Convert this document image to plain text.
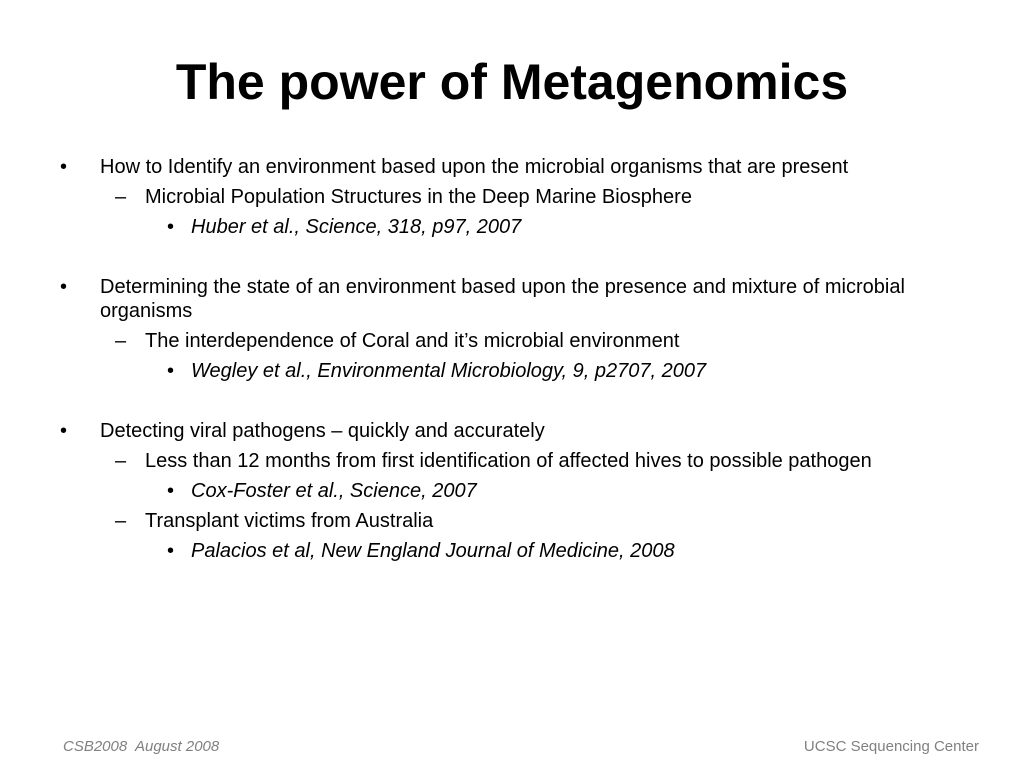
The power of Metagenomics
• How to Identify an environment based upon the microbial organisms that are present
– Microbial Population Structures in the Deep Marine Biosphere
• Huber et al., Science, 318, p97, 2007
• Determining the state of an environment based upon the presence and mixture of microbial organisms
– The interdependence of Coral and it’s microbial environment
• Wegley et al., Environmental Microbiology, 9, p2707, 2007
• Detecting viral pathogens – quickly and accurately
– Less than 12 months from first identification of affected hives to possible pathogen
• Cox-Foster et al., Science, 2007
– Transplant victims from Australia
• Palacios et al, New England Journal of Medicine, 2008
CSB2008  August 2008	UCSC Sequencing Center
